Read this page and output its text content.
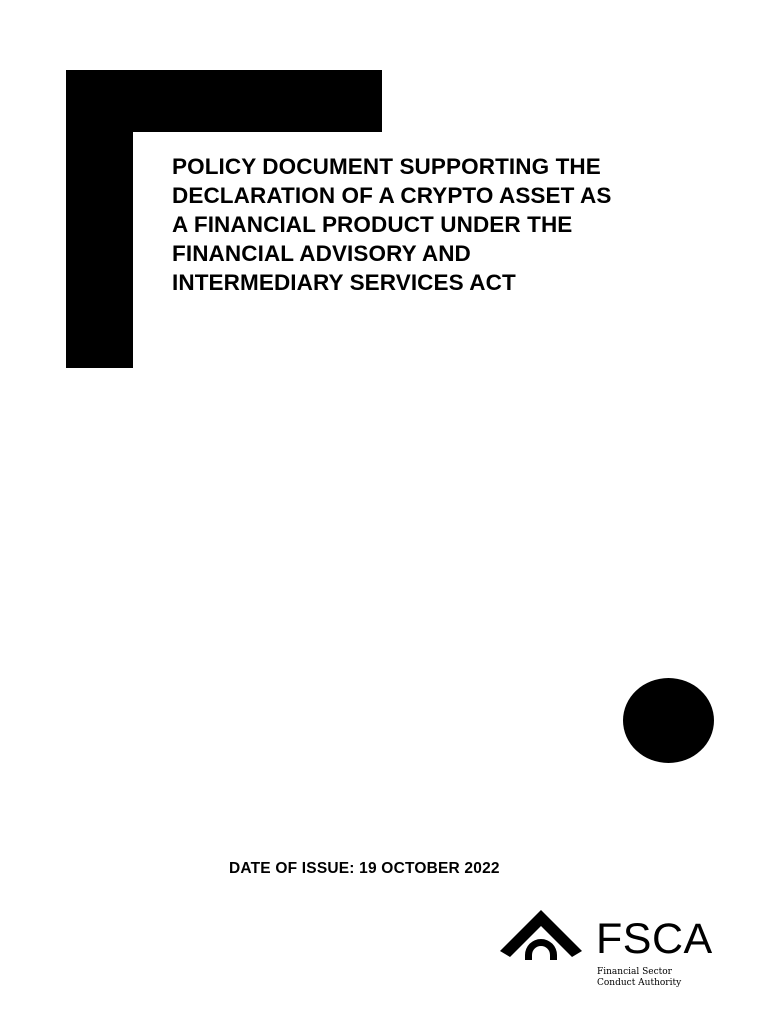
POLICY DOCUMENT SUPPORTING THE
DECLARATION OF A CRYPTO ASSET AS
A FINANCIAL PRODUCT UNDER THE
FINANCIAL ADVISORY AND
INTERMEDIARY SERVICES ACT
DATE OF ISSUE: 19 OCTOBER 2022
FSCA
Financial Sector
Conduct Authority
